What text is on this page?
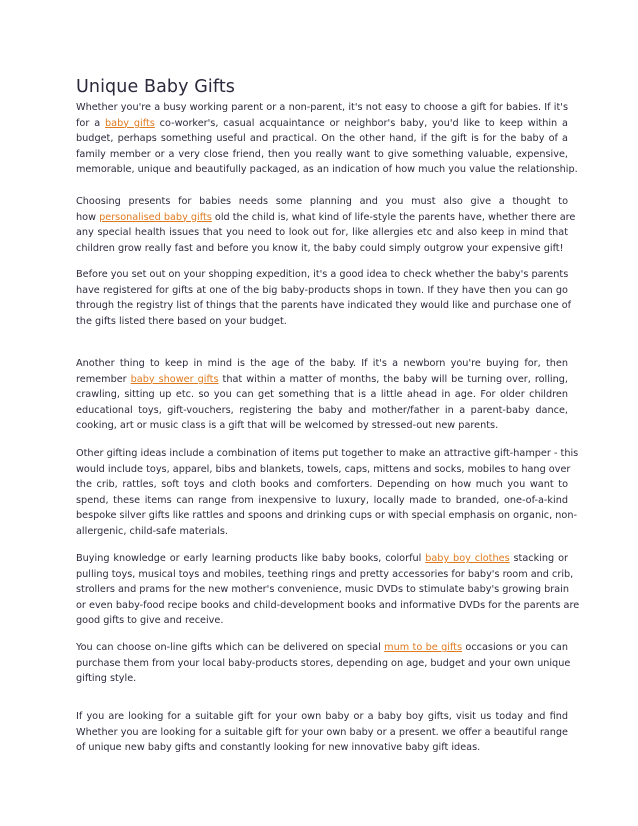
Unique Baby Gifts

Whether you're a busy working parent or a non-parent, it's not easy to choose a gift for babies. If it's
for a baby gifts co-worker's, casual acquaintance or neighbor's baby, you'd like to keep within a
budget, perhaps something useful and practical. On the other hand, if the gift is for the baby of a
family member or a very close friend, then you really want to give something valuable, expensive,
memorable, unique and beautifully packaged, as an indication of how much you value the relationship.

Choosing presents for babies needs some planning and you must also give a thought to
how personalised baby gifts old the child is, what kind of life-style the parents have, whether there are
any special health issues that you need to look out for, like allergies etc and also keep in mind that
children grow really fast and before you know it, the baby could simply outgrow your expensive gift!

Before you set out on your shopping expedition, it's a good idea to check whether the baby's parents
have registered for gifts at one of the big baby-products shops in town. If they have then you can go
through the registry list of things that the parents have indicated they would like and purchase one of
the gifts listed there based on your budget.

Another thing to keep in mind is the age of the baby. If it's a newborn you're buying for, then
remember baby shower gifts that within a matter of months, the baby will be turning over, rolling,
crawling, sitting up etc. so you can get something that is a little ahead in age. For older children
educational toys, gift-vouchers, registering the baby and mother/father in a parent-baby dance,
cooking, art or music class is a gift that will be welcomed by stressed-out new parents.

Other gifting ideas include a combination of items put together to make an attractive gift-hamper - this
would include toys, apparel, bibs and blankets, towels, caps, mittens and socks, mobiles to hang over
the crib, rattles, soft toys and cloth books and comforters. Depending on how much you want to
spend, these items can range from inexpensive to luxury, locally made to branded, one-of-a-kind
bespoke silver gifts like rattles and spoons and drinking cups or with special emphasis on organic, non-
allergenic, child-safe materials.

Buying knowledge or early learning products like baby books, colorful baby boy clothes stacking or
pulling toys, musical toys and mobiles, teething rings and pretty accessories for baby's room and crib,
strollers and prams for the new mother's convenience, music DVDs to stimulate baby's growing brain
or even baby-food recipe books and child-development books and informative DVDs for the parents are
good gifts to give and receive.

You can choose on-line gifts which can be delivered on special mum to be gifts occasions or you can
purchase them from your local baby-products stores, depending on age, budget and your own unique
gifting style.

If you are looking for a suitable gift for your own baby or a baby boy gifts, visit us today and find
Whether you are looking for a suitable gift for your own baby or a present. we offer a beautiful range
of unique new baby gifts and constantly looking for new innovative baby gift ideas.
